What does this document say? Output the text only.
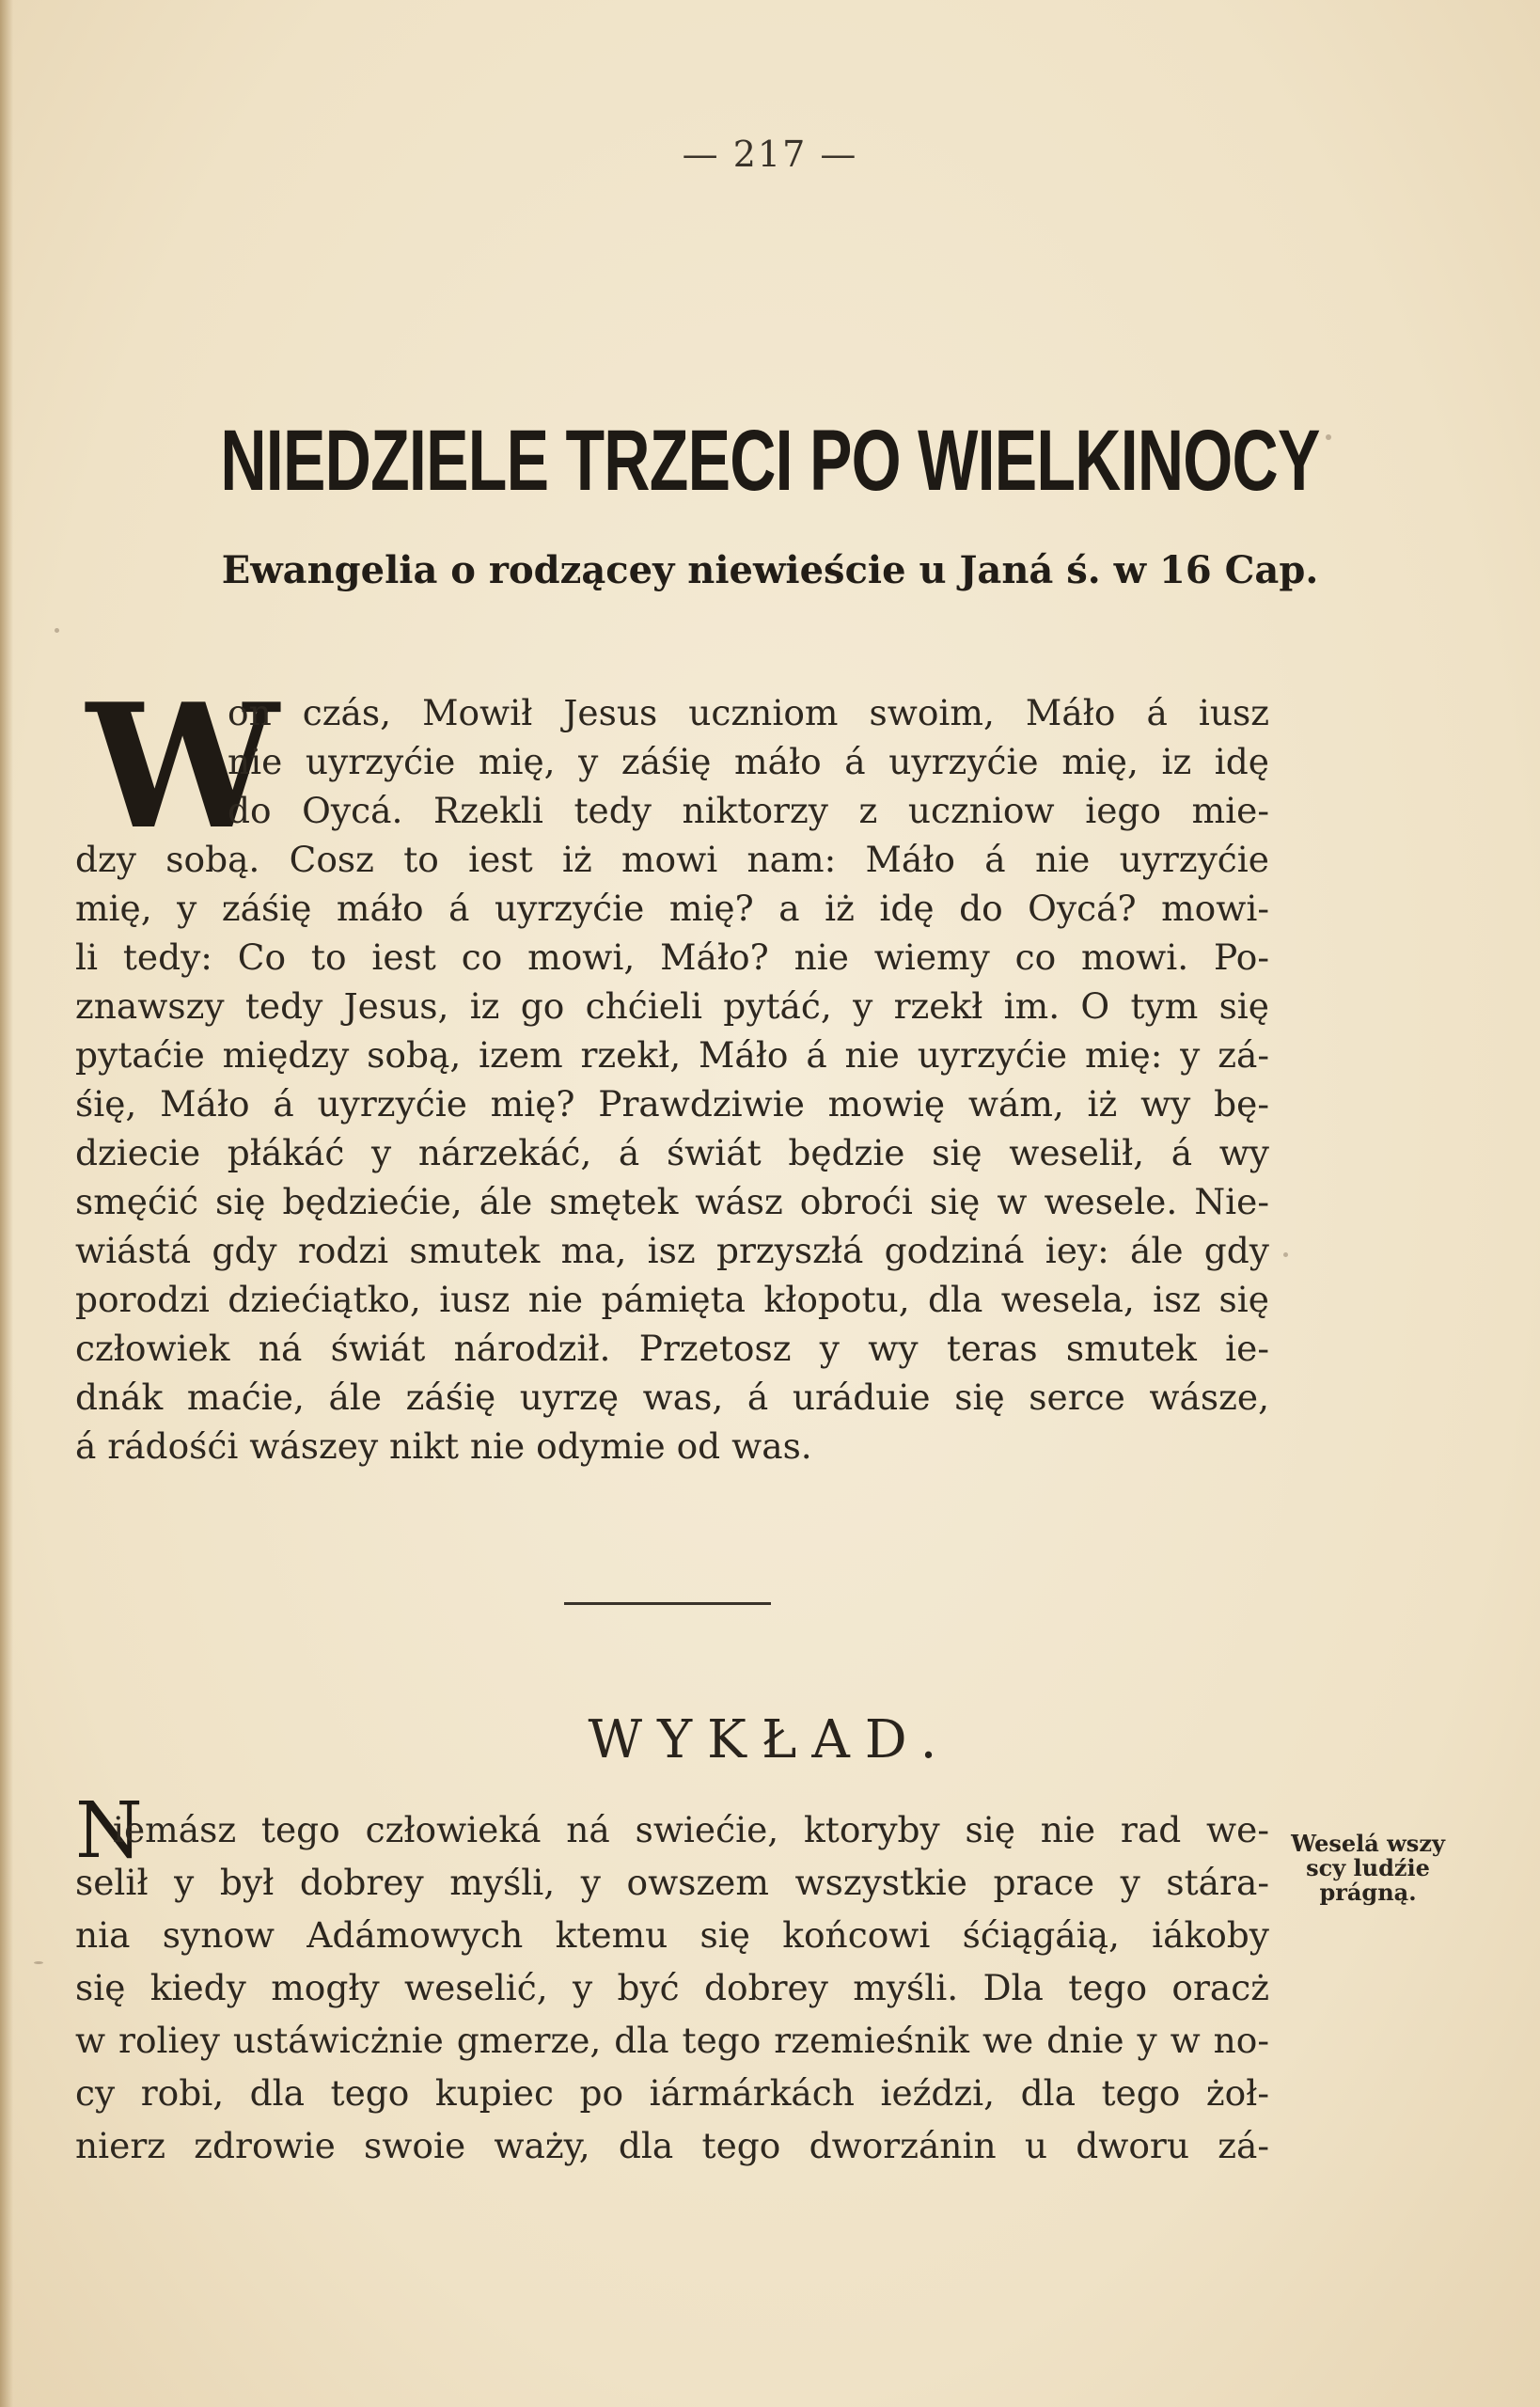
— 217 —
NIEDZIELE TRZECI PO WIELKINOCY
Ewangelia o rodzącey niewieście u Janá ś. w 16 Cap.
W
on czás, Mowił Jesus uczniom swoim, Máło á iusz
nie uyrzyćie mię, y záśię máło á uyrzyćie mię, iz idę
do Oycá. Rzekli tedy niktorzy z uczniow iego mie-
dzy sobą. Cosz to iest iż mowi nam: Máło á nie uyrzyćie
mię, y záśię máło á uyrzyćie mię? a iż idę do Oycá? mowi-
li tedy: Co to iest co mowi, Máło? nie wiemy co mowi. Po-
znawszy tedy Jesus, iz go chćieli pytáć, y rzekł im. O tym się
pytaćie między sobą, izem rzekł, Máło á nie uyrzyćie mię: y zá-
śię, Máło á uyrzyćie mię? Prawdziwie mowię wám, iż wy bę-
dziecie płákáć y nárzekáć, á świát będzie się weselił, á wy
smęćić się będziećie, ále smętek wász obroći się w wesele. Nie-
wiástá gdy rodzi smutek ma, isz przyszłá godziná iey: ále gdy
porodzi dziećiątko, iusz nie pámięta kłopotu, dla wesela, isz się
człowiek ná świát národził. Przetosz y wy teras smutek ie-
dnák maćie, ále záśię uyrzę was, á uráduie się serce wásze,
á rádośći wászey nikt nie odymie od was.
WYKŁAD.
N
iemász tego człowieká ná swiećie, ktoryby się nie rad we-
selił y był dobrey myśli, y owszem wszystkie prace y stára-
nia synow Adámowych ktemu się końcowi śćiągáią, iákoby
się kiedy mogły weselić, y być dobrey myśli. Dla tego oracż
w roliey ustáwicżnie gmerze, dla tego rzemieśnik we dnie y w no-
cy robi, dla tego kupiec po iármárkách ieździ, dla tego żoł-
nierz zdrowie swoie waży, dla tego dworzánin u dworu zá-
Weselá wszy
scy ludźie
prágną.
